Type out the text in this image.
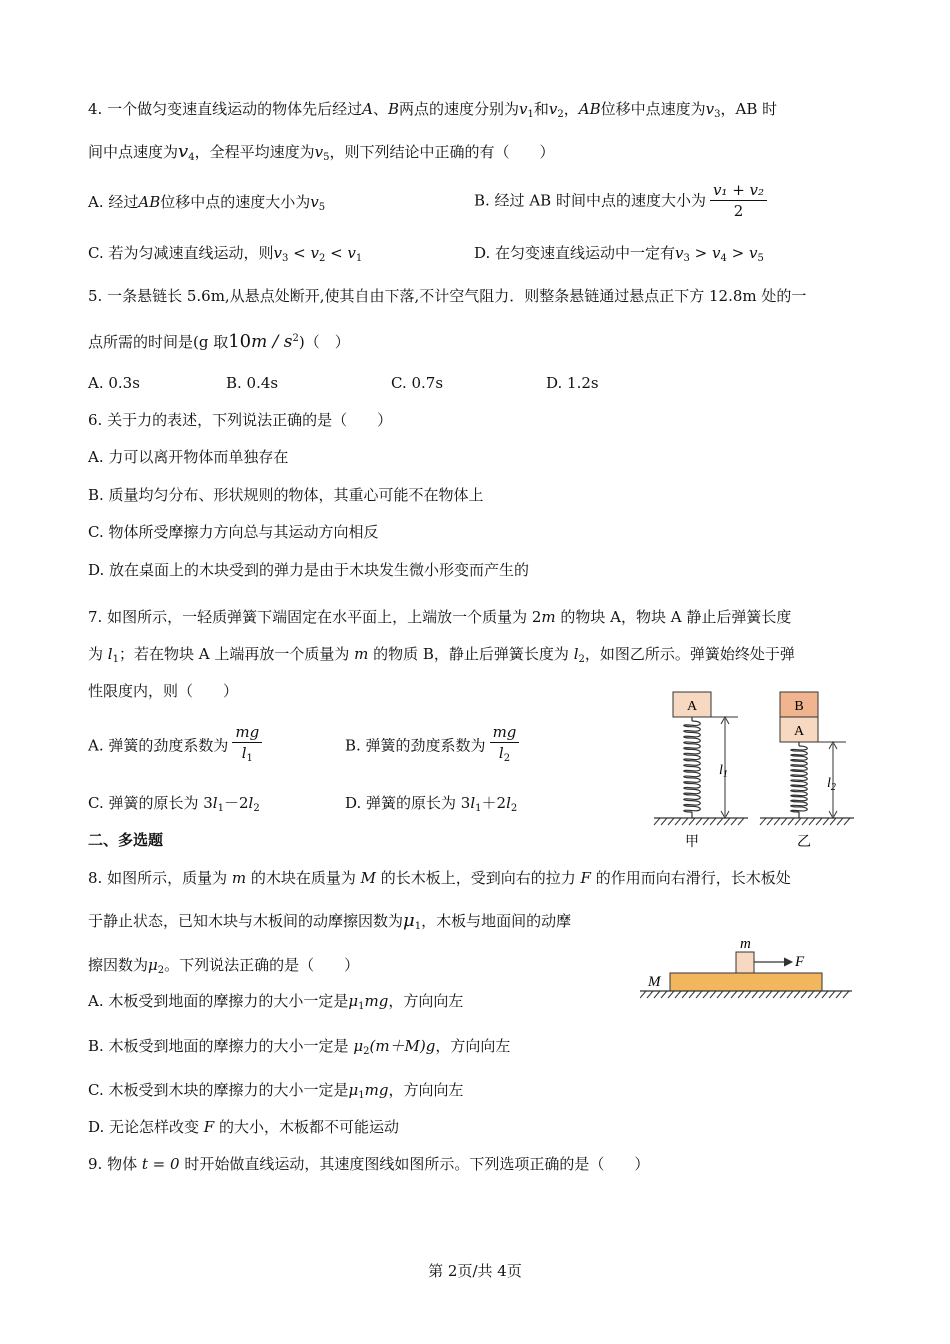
4. 一个做匀变速直线运动的物体先后经过A、B两点的速度分别为$v_1$和$v_2$，AB位移中点速度为$v_3$，AB 时
间中点速度为$v_4$，全程平均速度为$v_5$，则下列结论中正确的有（　　）
A. 经过AB位移中点的速度大小为$v_5$	B. 经过 AB 时间中点的速度大小为 $\frac{\text{v₁ + v₂}}{2}$
C. 若为匀减速直线运动，则$v_3 < v_2 < v_1$	D. 在匀变速直线运动中一定有$v_3 > v_4 > v_5$
5. 一条悬链长 5.6m,从悬点处断开,使其自由下落,不计空气阻力．则整条悬链通过悬点正下方 12.8m 处的一
点所需的时间是(g 取$10m / s^2$)（　）
A. 0.3s	B. 0.4s	C. 0.7s	D. 1.2s
6. 关于力的表述，下列说法正确的是（　　）
A. 力可以离开物体而单独存在
B. 质量均匀分布、形状规则的物体，其重心可能不在物体上
C. 物体所受摩擦力方向总与其运动方向相反
D. 放在桌面上的木块受到的弹力是由于木块发生微小形变而产生的
7. 如图所示，一轻质弹簧下端固定在水平面上，上端放一个质量为 2m 的物块 A，物块 A 静止后弹簧长度
为 $l_1$；若在物块 A 上端再放一个质量为 m 的物质 B，静止后弹簧长度为 $l_2$，如图乙所示。弹簧始终处于弹
性限度内，则（　　）
A. 弹簧的劲度系数为 $\frac{mg}{l_1}$	B. 弹簧的劲度系数为 $\frac{mg}{l_2}$
C. 弹簧的原长为 $3l_1-2l_2$	D. 弹簧的原长为 $3l_1+2l_2$
A
$l_1$
甲
B
A
$l_2$
乙
二、多选题
8. 如图所示，质量为 m 的木块在质量为 M 的长木板上，受到向右的拉力 F 的作用而向右滑行，长木板处
于静止状态，已知木块与木板间的动摩擦因数为$\mu_1$，木板与地面间的动摩
擦因数为$\mu_2$。下列说法正确的是（　　）
A. 木板受到地面的摩擦力的大小一定是$\mu_1mg$，方向向左
B. 木板受到地面的摩擦力的大小一定是 $\mu_2(m+M)g$，方向向左
C. 木板受到木块的摩擦力的大小一定是$\mu_1mg$，方向向左
D. 无论怎样改变 F 的大小，木板都不可能运动
m
F
M
9. 物体 t = 0 时开始做直线运动，其速度图线如图所示。下列选项正确的是（　　）
第 2页/共 4页
